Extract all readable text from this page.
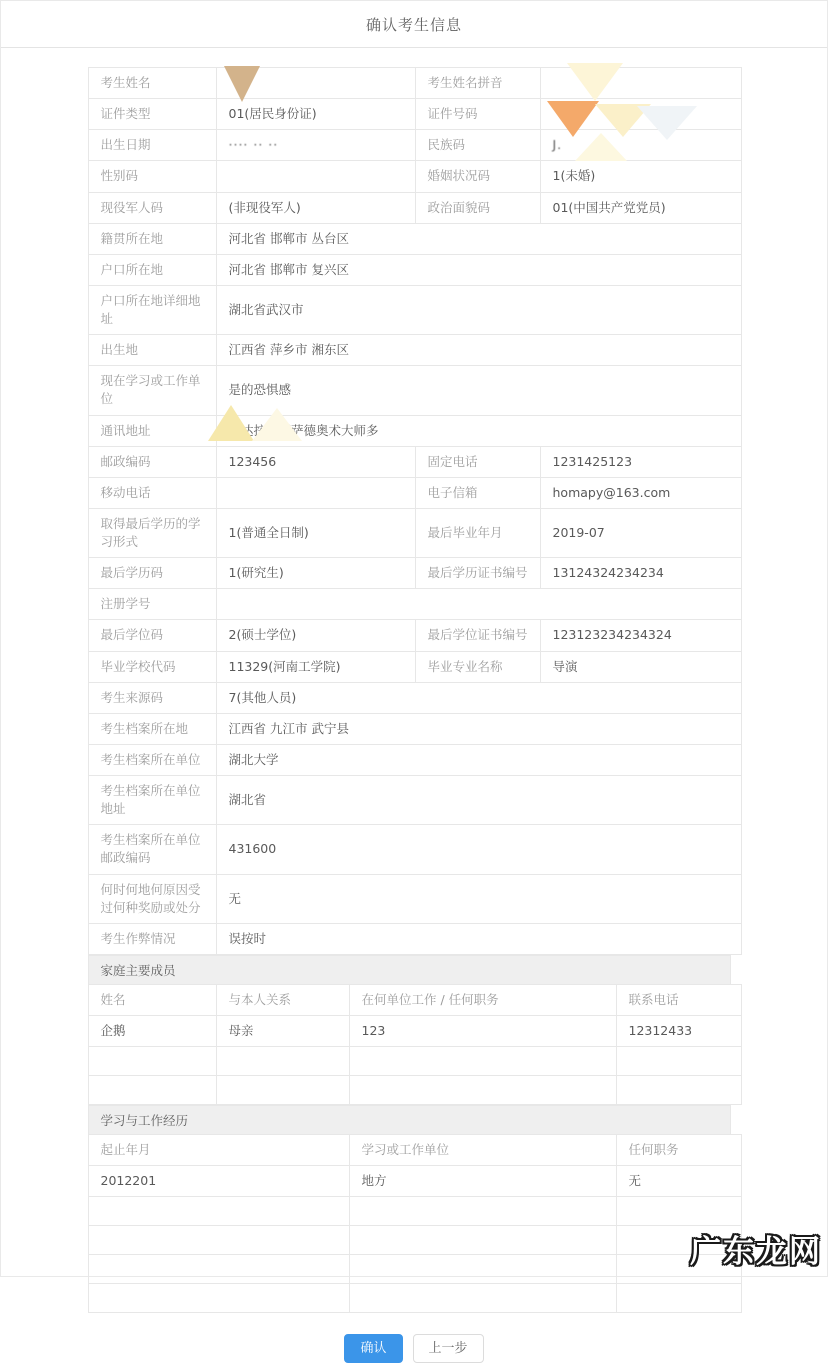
确认考生信息
考生姓名		考生姓名拼音	
证件类型	01(居民身份证)	证件号码	
出生日期	···· ·· ··	民族码	J.
性别码		婚姻状况码	1(未婚)
现役军人码	(非现役军人)	政治面貌码	01(中国共产党党员)
籍贯所在地	河北省 邯郸市 丛台区		
户口所在地	河北省 邯郸市 复兴区		
户口所在地详细地址	湖北省武汉市		
出生地	江西省 萍乡市 湘东区		
现在学习或工作单位	是的恐惧感		
通讯地址	阿达按时阿萨德奥术大师多		
邮政编码	123456	固定电话	1231425123
移动电话		电子信箱	homapy@163.com
取得最后学历的学习形式	1(普通全日制)	最后毕业年月	2019-07
最后学历码	1(研究生)	最后学历证书编号	13124324234234
注册学号			
最后学位码	2(硕士学位)	最后学位证书编号	123123234234324
毕业学校代码	11329(河南工学院)	毕业专业名称	导演
考生来源码	7(其他人员)		
考生档案所在地	江西省 九江市 武宁县		
考生档案所在单位	湖北大学		
考生档案所在单位地址	湖北省		
考生档案所在单位邮政编码	431600		
何时何地何原因受过何种奖励或处分	无		
考生作弊情况	误按时		
家庭主要成员
姓名	与本人关系	在何单位工作 / 任何职务	联系电话
企鹅	母亲	123	12312433

学习与工作经历
起止年月	学习或工作单位	任何职务
2012201	地方	无

确认	上一步
广东龙网
